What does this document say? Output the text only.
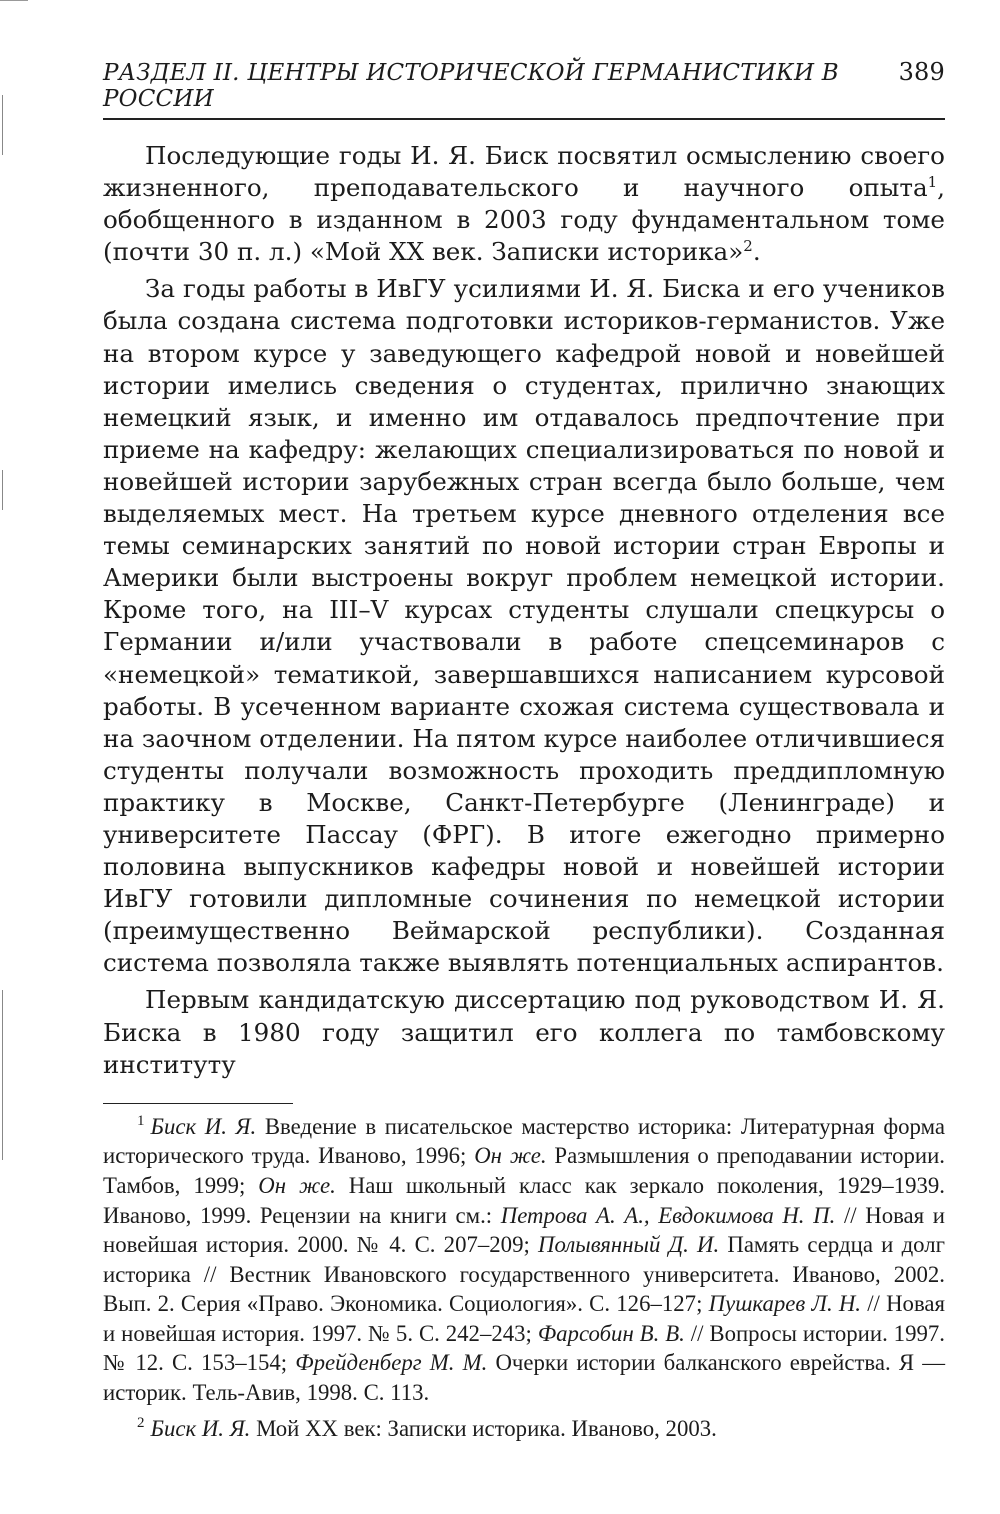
РАЗДЕЛ II. ЦЕНТРЫ ИСТОРИЧЕСКОЙ ГЕРМАНИСТИКИ В РОССИИ
389

Последующие годы И. Я. Биск посвятил осмыслению своего жизненного, преподавательского и научного опыта$^1$, обобщенного в изданном в 2003 году фундаментальном томе (почти 30 п. л.) «Мой XX век. Записки историка»$^2$.

За годы работы в ИвГУ усилиями И. Я. Биска и его учеников была создана система подготовки историков-германистов. Уже на втором курсе у заведующего кафедрой новой и новейшей истории имелись сведения о студентах, прилично знающих немецкий язык, и именно им отдавалось предпочтение при приеме на кафедру: желающих специализироваться по новой и новейшей истории зарубежных стран всегда было больше, чем выделяемых мест. На третьем курсе дневного отделения все темы семинарских занятий по новой истории стран Европы и Америки были выстроены вокруг проблем немецкой истории. Кроме того, на III–V курсах студенты слушали спецкурсы о Германии и/или участвовали в работе спецсеминаров с «немецкой» тематикой, завершавшихся написанием курсовой работы. В усеченном варианте схожая система существовала и на заочном отделении. На пятом курсе наиболее отличившиеся студенты получали возможность проходить преддипломную практику в Москве, Санкт-Петербурге (Ленинграде) и университете Пассау (ФРГ). В итоге ежегодно примерно половина выпускников кафедры новой и новейшей истории ИвГУ готовили дипломные сочинения по немецкой истории (преимущественно Веймарской республики). Созданная система позволяла также выявлять потенциальных аспирантов.

Первым кандидатскую диссертацию под руководством И. Я. Биска в 1980 году защитил его коллега по тамбовскому институту

$^1$ Биск И. Я. Введение в писательское мастерство историка: Литературная форма исторического труда. Иваново, 1996; Он же. Размышления о преподавании истории. Тамбов, 1999; Он же. Наш школьный класс как зеркало поколения, 1929–1939. Иваново, 1999. Рецензии на книги см.: Петрова А. А., Евдокимова Н. П. // Новая и новейшая история. 2000. № 4. С. 207–209; Полывянный Д. И. Память сердца и долг историка // Вестник Ивановского государственного университета. Иваново, 2002. Вып. 2. Серия «Право. Экономика. Социология». С. 126–127; Пушкарев Л. Н. // Новая и новейшая история. 1997. № 5. С. 242–243; Фарсобин В. В. // Вопросы истории. 1997. № 12. С. 153–154; Фрейденберг М. М. Очерки истории балканского еврейства. Я — историк. Тель-Авив, 1998. С. 113.

$^2$ Биск И. Я. Мой XX век: Записки историка. Иваново, 2003.
